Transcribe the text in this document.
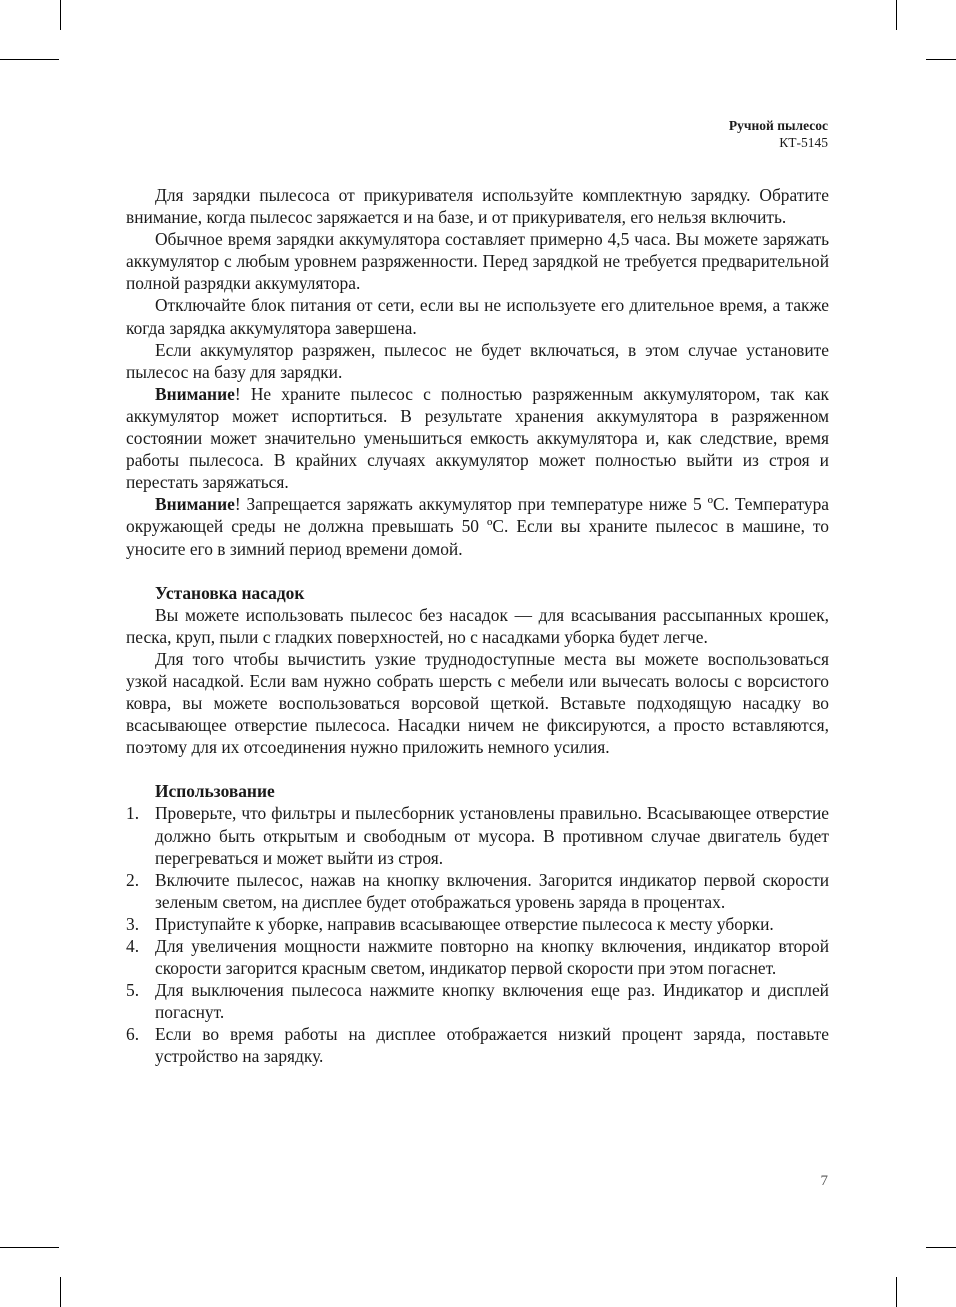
Ручной пылесос
КТ-5145

Для зарядки пылесоса от прикуривателя используйте комплектную зарядку. Обратите внимание, когда пылесос заряжается и на базе, и от прикуривателя, его нельзя включить.

Обычное время зарядки аккумулятора составляет примерно 4,5 часа. Вы можете заряжать аккумулятор с любым уровнем разряженности. Перед зарядкой не требуется предварительной полной разрядки аккумулятора.

Отключайте блок питания от сети, если вы не используете его длительное время, а также когда зарядка аккумулятора завершена.

Если аккумулятор разряжен, пылесос не будет включаться, в этом случае установите пылесос на базу для зарядки.

Внимание! Не храните пылесос с полностью разряженным аккумулятором, так как аккумулятор может испортиться. В результате хранения аккумулятора в разряженном состоянии может значительно уменьшиться емкость аккумулятора и, как следствие, время работы пылесоса. В крайних случаях аккумулятор может полностью выйти из строя и перестать заряжаться.

Внимание! Запрещается заряжать аккумулятор при температуре ниже 5 ºС. Температура окружающей среды не должна превышать 50 ºС. Если вы храните пылесос в машине, то уносите его в зимний период времени домой.

Установка насадок

Вы можете использовать пылесос без насадок — для всасывания рассыпанных крошек, песка, круп, пыли с гладких поверхностей, но с насадками уборка будет легче.

Для того чтобы вычистить узкие труднодоступные места вы можете воспользоваться узкой насадкой. Если вам нужно собрать шерсть с мебели или вычесать волосы с ворсистого ковра, вы можете воспользоваться ворсовой щеткой. Вставьте подходящую насадку во всасывающее отверстие пылесоса. Насадки ничем не фиксируются, а просто вставляются, поэтому для их отсоединения нужно приложить немного усилия.

Использование

1. Проверьте, что фильтры и пылесборник установлены правильно. Всасывающее отверстие должно быть открытым и свободным от мусора. В противном случае двигатель будет перегреваться и может выйти из строя.
2. Включите пылесос, нажав на кнопку включения. Загорится индикатор первой скорости зеленым светом, на дисплее будет отображаться уровень заряда в процентах.
3. Приступайте к уборке, направив всасывающее отверстие пылесоса к месту уборки.
4. Для увеличения мощности нажмите повторно на кнопку включения, индикатор второй скорости загорится красным светом, индикатор первой скорости при этом погаснет.
5. Для выключения пылесоса нажмите кнопку включения еще раз. Индикатор и дисплей погаснут.
6. Если во время работы на дисплее отображается низкий процент заряда, поставьте устройство на зарядку.
7
